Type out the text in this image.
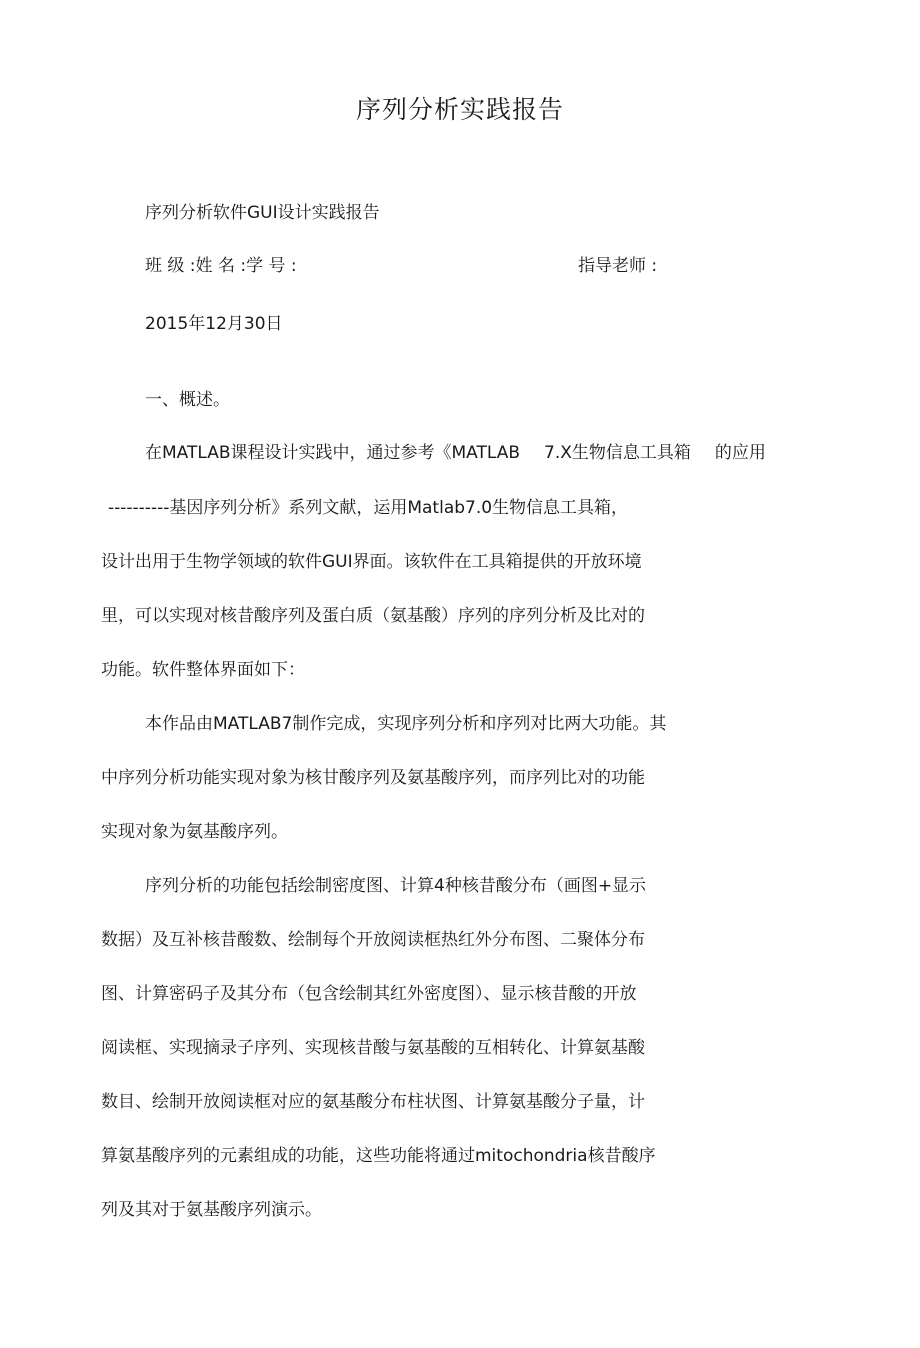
序列分析实践报告
序列分析软件GUI设计实践报告
班 级 :姓 名 :学 号 :	指导老师 :
2015年12月30日
一、概述。
在MATLAB课程设计实践中，通过参考《MATLAB 7.X生物信息工具箱 的应用
----------基因序列分析》系列文献，运用Matlab7.0生物信息工具箱，
设计出用于生物学领域的软件GUI界面。该软件在工具箱提供的开放环境
里，可以实现对核昔酸序列及蛋白质（氨基酸）序列的序列分析及比对的
功能。软件整体界面如下：
本作品由MATLAB7制作完成，实现序列分析和序列对比两大功能。其
中序列分析功能实现对象为核甘酸序列及氨基酸序列，而序列比对的功能
实现对象为氨基酸序列。
序列分析的功能包括绘制密度图、计算4种核昔酸分布（画图+显示
数据）及互补核昔酸数、绘制每个开放阅读框热红外分布图、二聚体分布
图、计算密码子及其分布（包含绘制其红外密度图）、显示核昔酸的开放
阅读框、实现摘录子序列、实现核昔酸与氨基酸的互相转化、计算氨基酸
数目、绘制开放阅读框对应的氨基酸分布柱状图、计算氨基酸分子量，计
算氨基酸序列的元素组成的功能，这些功能将通过mitochondria核昔酸序
列及其对于氨基酸序列演示。
